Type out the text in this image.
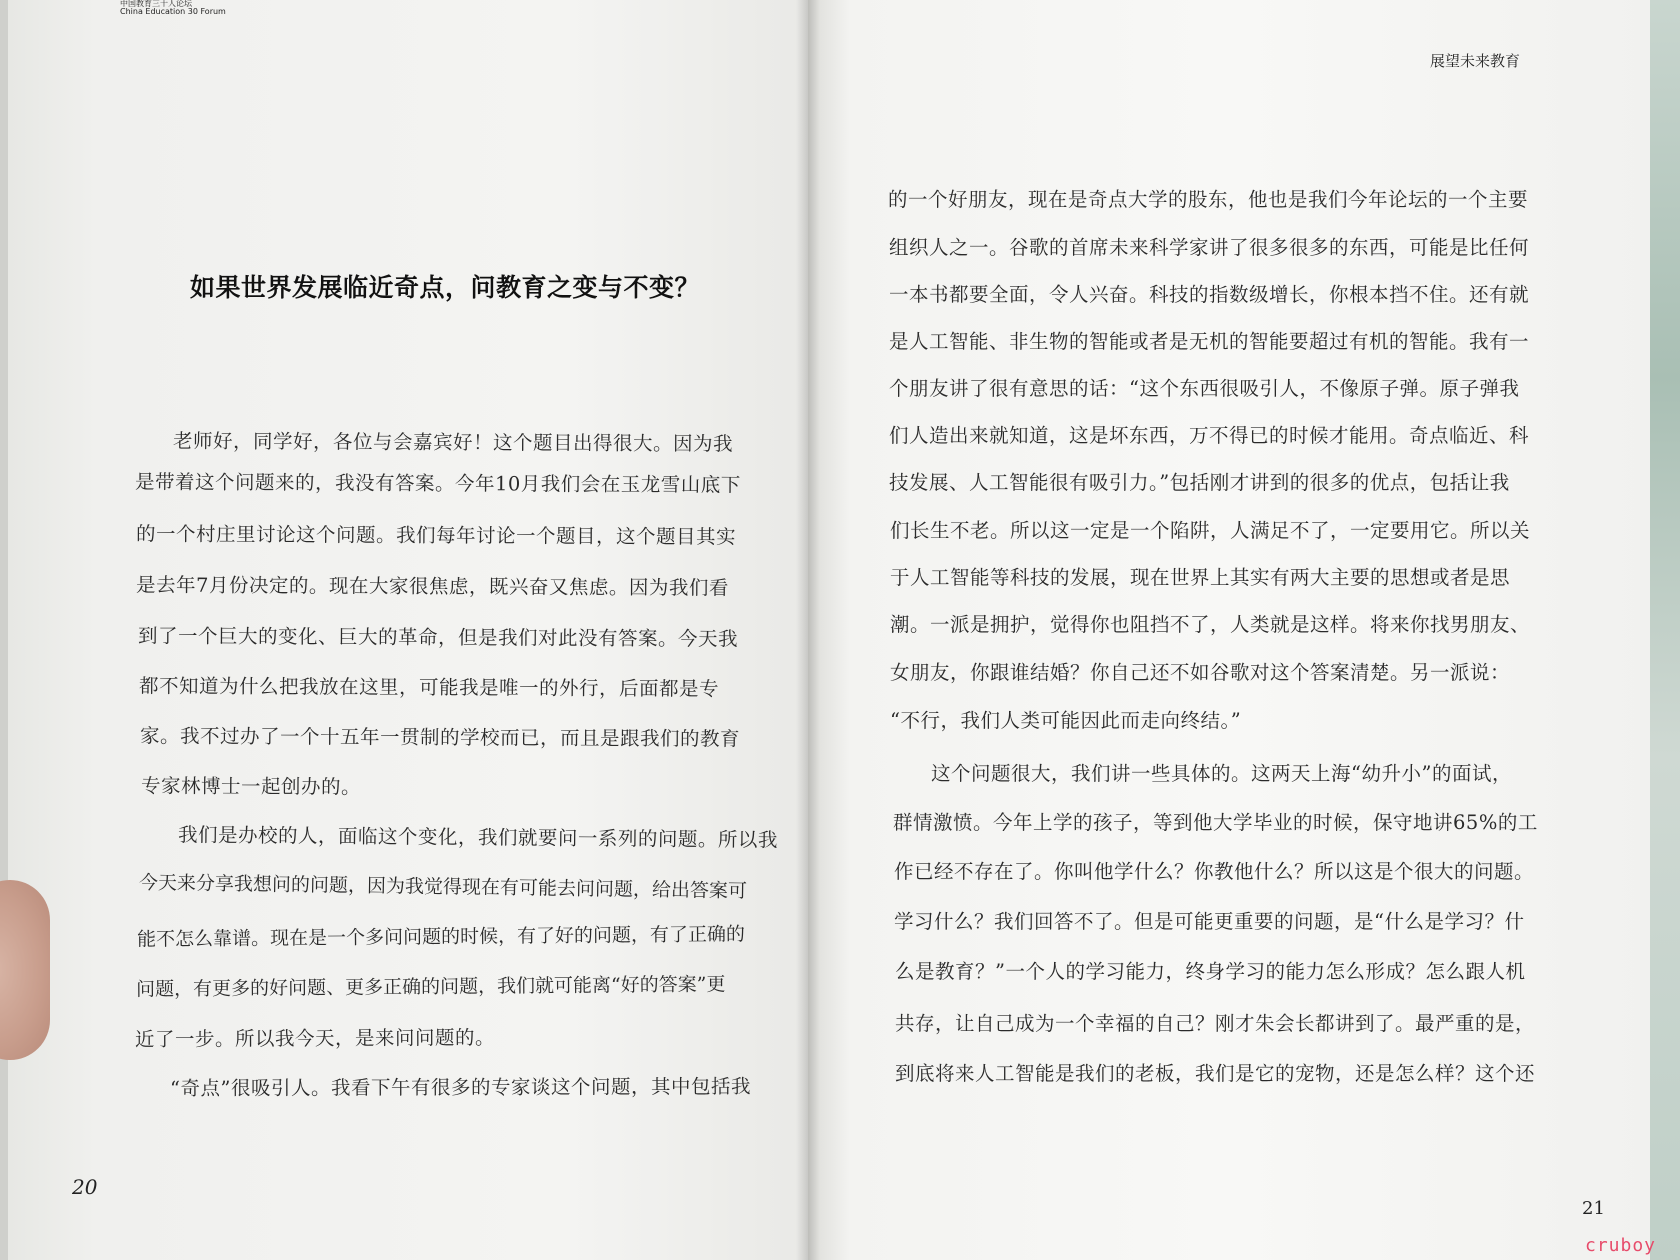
中国教育三十人论坛
China Education 30 Forum
如果世界发展临近奇点，问教育之变与不变？
老师好，同学好，各位与会嘉宾好！这个题目出得很大。因为我
是带着这个问题来的，我没有答案。今年10月我们会在玉龙雪山底下
的一个村庄里讨论这个问题。我们每年讨论一个题目，这个题目其实
是去年7月份决定的。现在大家很焦虑，既兴奋又焦虑。因为我们看
到了一个巨大的变化、巨大的革命，但是我们对此没有答案。今天我
都不知道为什么把我放在这里，可能我是唯一的外行，后面都是专
家。我不过办了一个十五年一贯制的学校而已，而且是跟我们的教育
专家林博士一起创办的。
我们是办校的人，面临这个变化，我们就要问一系列的问题。所以我
今天来分享我想问的问题，因为我觉得现在有可能去问问题，给出答案可
能不怎么靠谱。现在是一个多问问题的时候，有了好的问题，有了正确的
问题，有更多的好问题、更多正确的问题，我们就可能离“好的答案”更
近了一步。所以我今天，是来问问题的。
“奇点”很吸引人。我看下午有很多的专家谈这个问题，其中包括我
20
展望未来教育
的一个好朋友，现在是奇点大学的股东，他也是我们今年论坛的一个主要
组织人之一。谷歌的首席未来科学家讲了很多很多的东西，可能是比任何
一本书都要全面，令人兴奋。科技的指数级增长，你根本挡不住。还有就
是人工智能、非生物的智能或者是无机的智能要超过有机的智能。我有一
个朋友讲了很有意思的话：“这个东西很吸引人，不像原子弹。原子弹我
们人造出来就知道，这是坏东西，万不得已的时候才能用。奇点临近、科
技发展、人工智能很有吸引力。”包括刚才讲到的很多的优点，包括让我
们长生不老。所以这一定是一个陷阱，人满足不了，一定要用它。所以关
于人工智能等科技的发展，现在世界上其实有两大主要的思想或者是思
潮。一派是拥护，觉得你也阻挡不了，人类就是这样。将来你找男朋友、
女朋友，你跟谁结婚？你自己还不如谷歌对这个答案清楚。另一派说：
“不行，我们人类可能因此而走向终结。”
这个问题很大，我们讲一些具体的。这两天上海“幼升小”的面试，
群情激愤。今年上学的孩子，等到他大学毕业的时候，保守地讲65%的工
作已经不存在了。你叫他学什么？你教他什么？所以这是个很大的问题。
学习什么？我们回答不了。但是可能更重要的问题，是“什么是学习？什
么是教育？”一个人的学习能力，终身学习的能力怎么形成？怎么跟人机
共存，让自己成为一个幸福的自己？刚才朱会长都讲到了。最严重的是，
到底将来人工智能是我们的老板，我们是它的宠物，还是怎么样？这个还
21
cruboy
